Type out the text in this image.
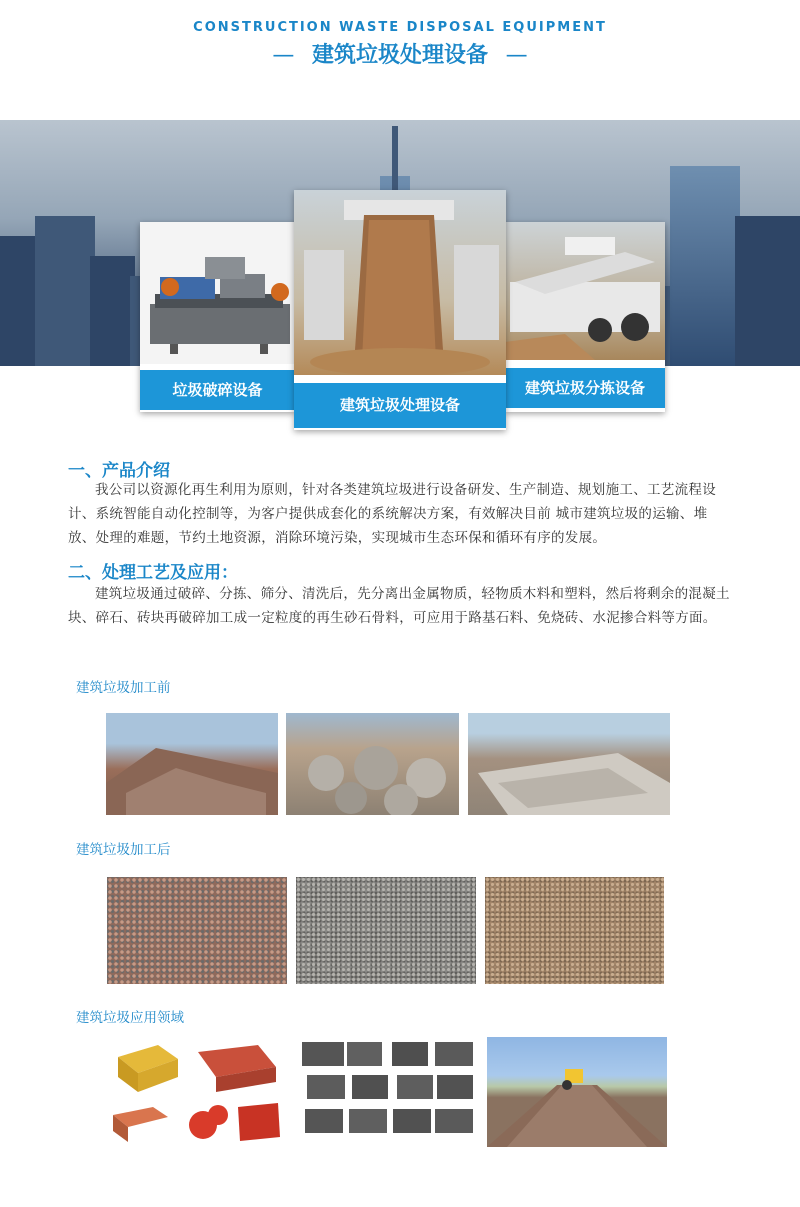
CONSTRUCTION WASTE DISPOSAL EQUIPMENT
— 建筑垃圾处理设备 —
垃圾破碎设备	建筑垃圾分拣设备
建筑垃圾处理设备
一、产品介绍
我公司以资源化再生利用为原则，针对各类建筑垃圾进行设备研发、生产制造、规划施工、工艺流程设计、系统智能自动化控制等，为客户提供成套化的系统解决方案，有效解决目前 城市建筑垃圾的运输、堆放、处理的难题，节约土地资源，消除环境污染，实现城市生态环保和循环有序的发展。
二、处理工艺及应用：
建筑垃圾通过破碎、分拣、筛分、清洗后，先分离出金属物质，轻物质木料和塑料，然后将剩余的混凝土块、碎石、砖块再破碎加工成一定粒度的再生砂石骨料，可应用于路基石料、免烧砖、水泥掺合料等方面。
建筑垃圾加工前
建筑垃圾加工后
建筑垃圾应用领域
